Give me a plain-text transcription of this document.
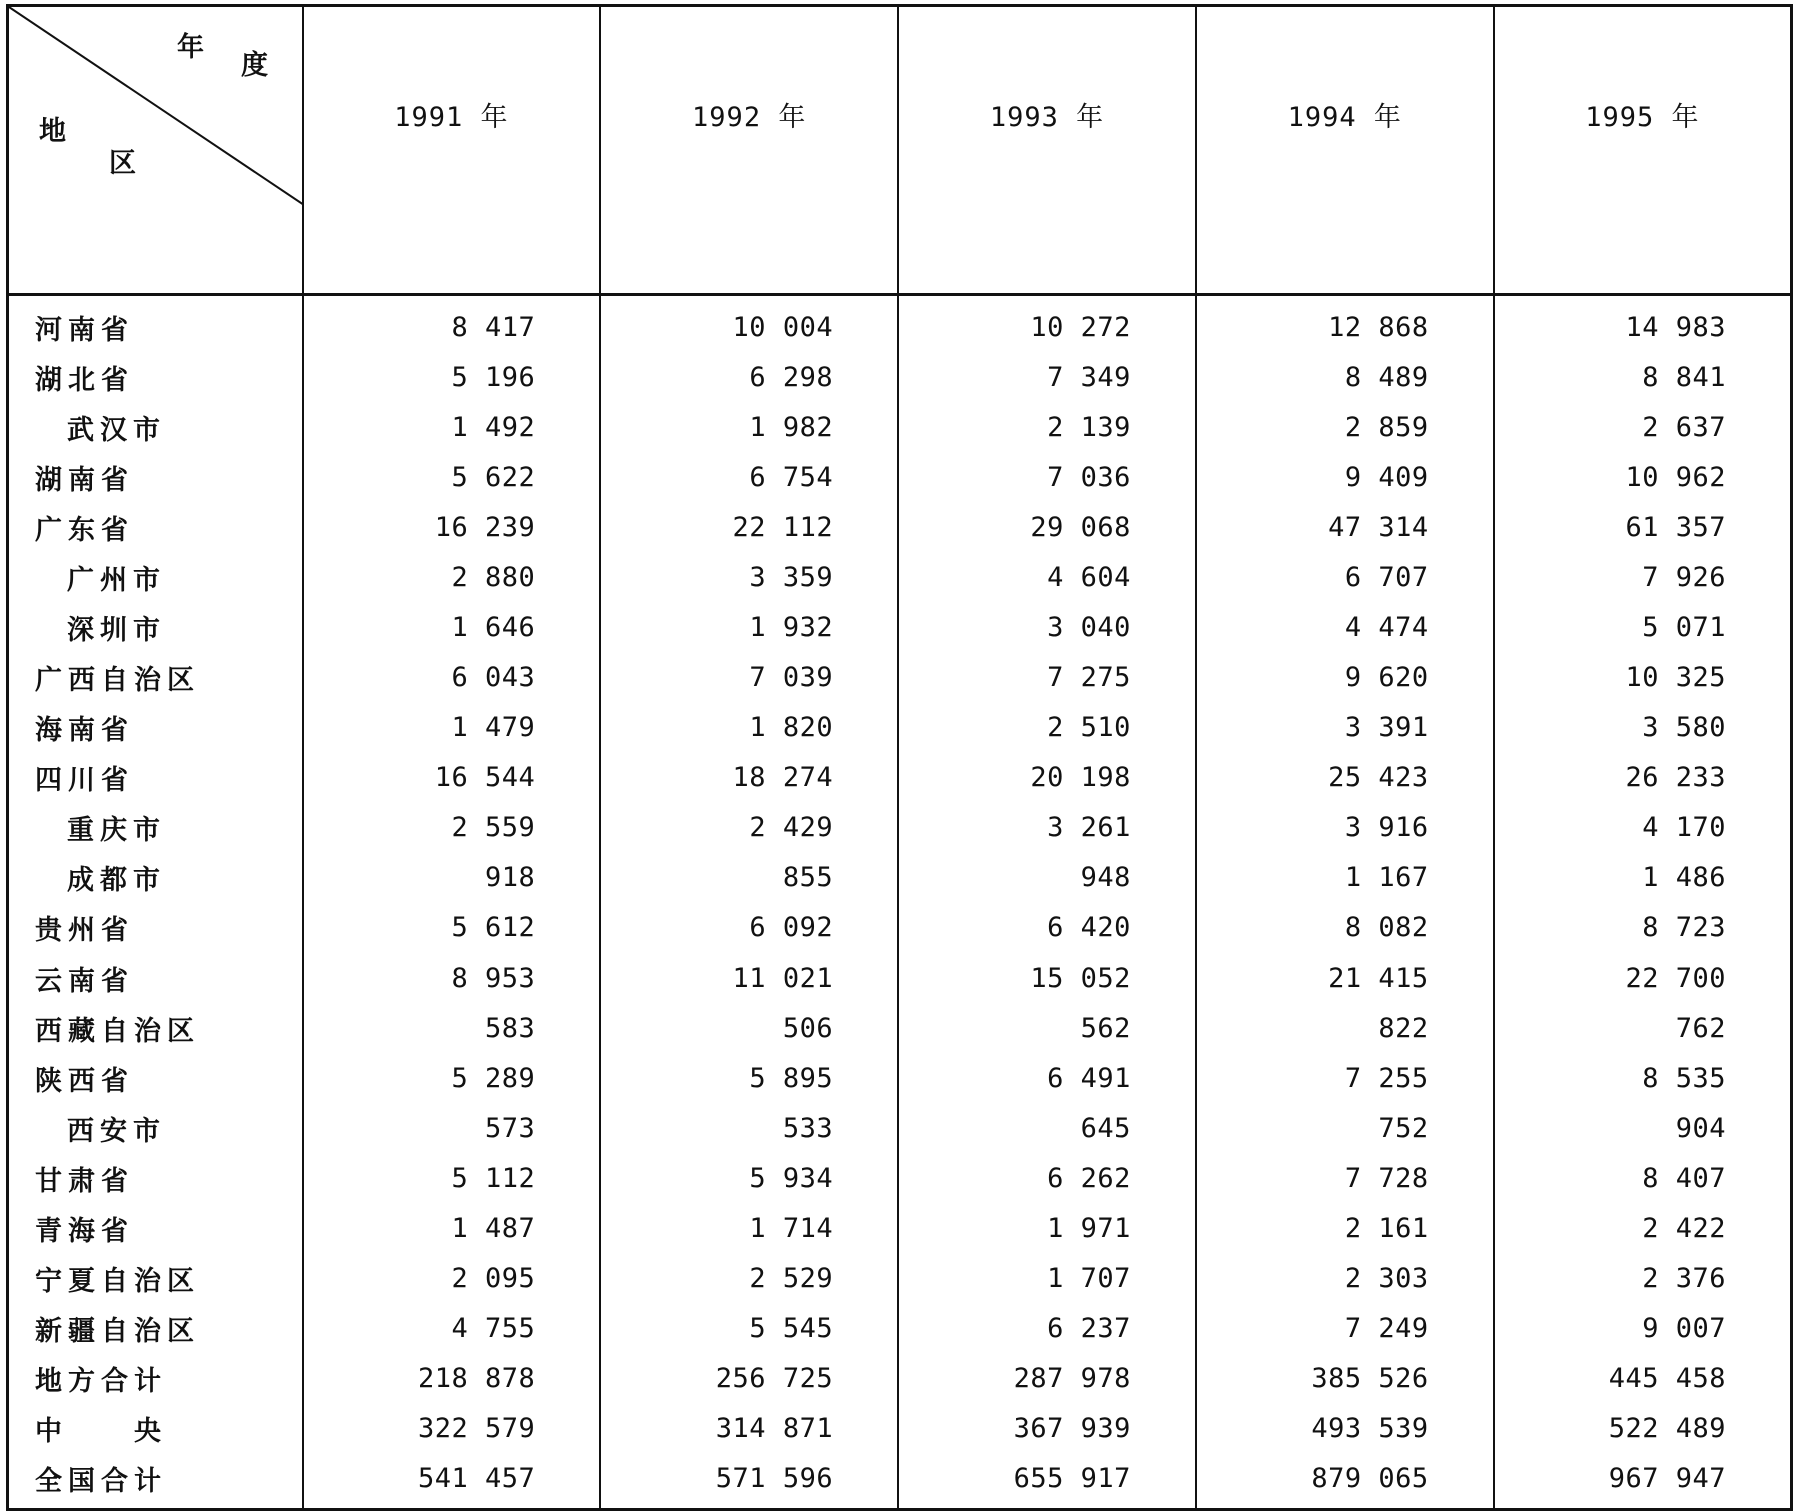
年
度
地
区	1991 年	1992 年	1993 年	1994 年	1995 年
河南省	8 417	10 004	10 272	12 868	14 983
湖北省	5 196	6 298	7 349	8 489	8 841
武汉市	1 492	1 982	2 139	2 859	2 637
湖南省	5 622	6 754	7 036	9 409	10 962
广东省	16 239	22 112	29 068	47 314	61 357
广州市	2 880	3 359	4 604	6 707	7 926
深圳市	1 646	1 932	3 040	4 474	5 071
广西自治区	6 043	7 039	7 275	9 620	10 325
海南省	1 479	1 820	2 510	3 391	3 580
四川省	16 544	18 274	20 198	25 423	26 233
重庆市	2 559	2 429	3 261	3 916	4 170
成都市	918	855	948	1 167	1 486
贵州省	5 612	6 092	6 420	8 082	8 723
云南省	8 953	11 021	15 052	21 415	22 700
西藏自治区	583	506	562	822	762
陕西省	5 289	5 895	6 491	7 255	8 535
西安市	573	533	645	752	904
甘肃省	5 112	5 934	6 262	7 728	8 407
青海省	1 487	1 714	1 971	2 161	2 422
宁夏自治区	2 095	2 529	1 707	2 303	2 376
新疆自治区	4 755	5 545	6 237	7 249	9 007
地方合计	218 878	256 725	287 978	385 526	445 458
中　　央	322 579	314 871	367 939	493 539	522 489
全国合计	541 457	571 596	655 917	879 065	967 947
